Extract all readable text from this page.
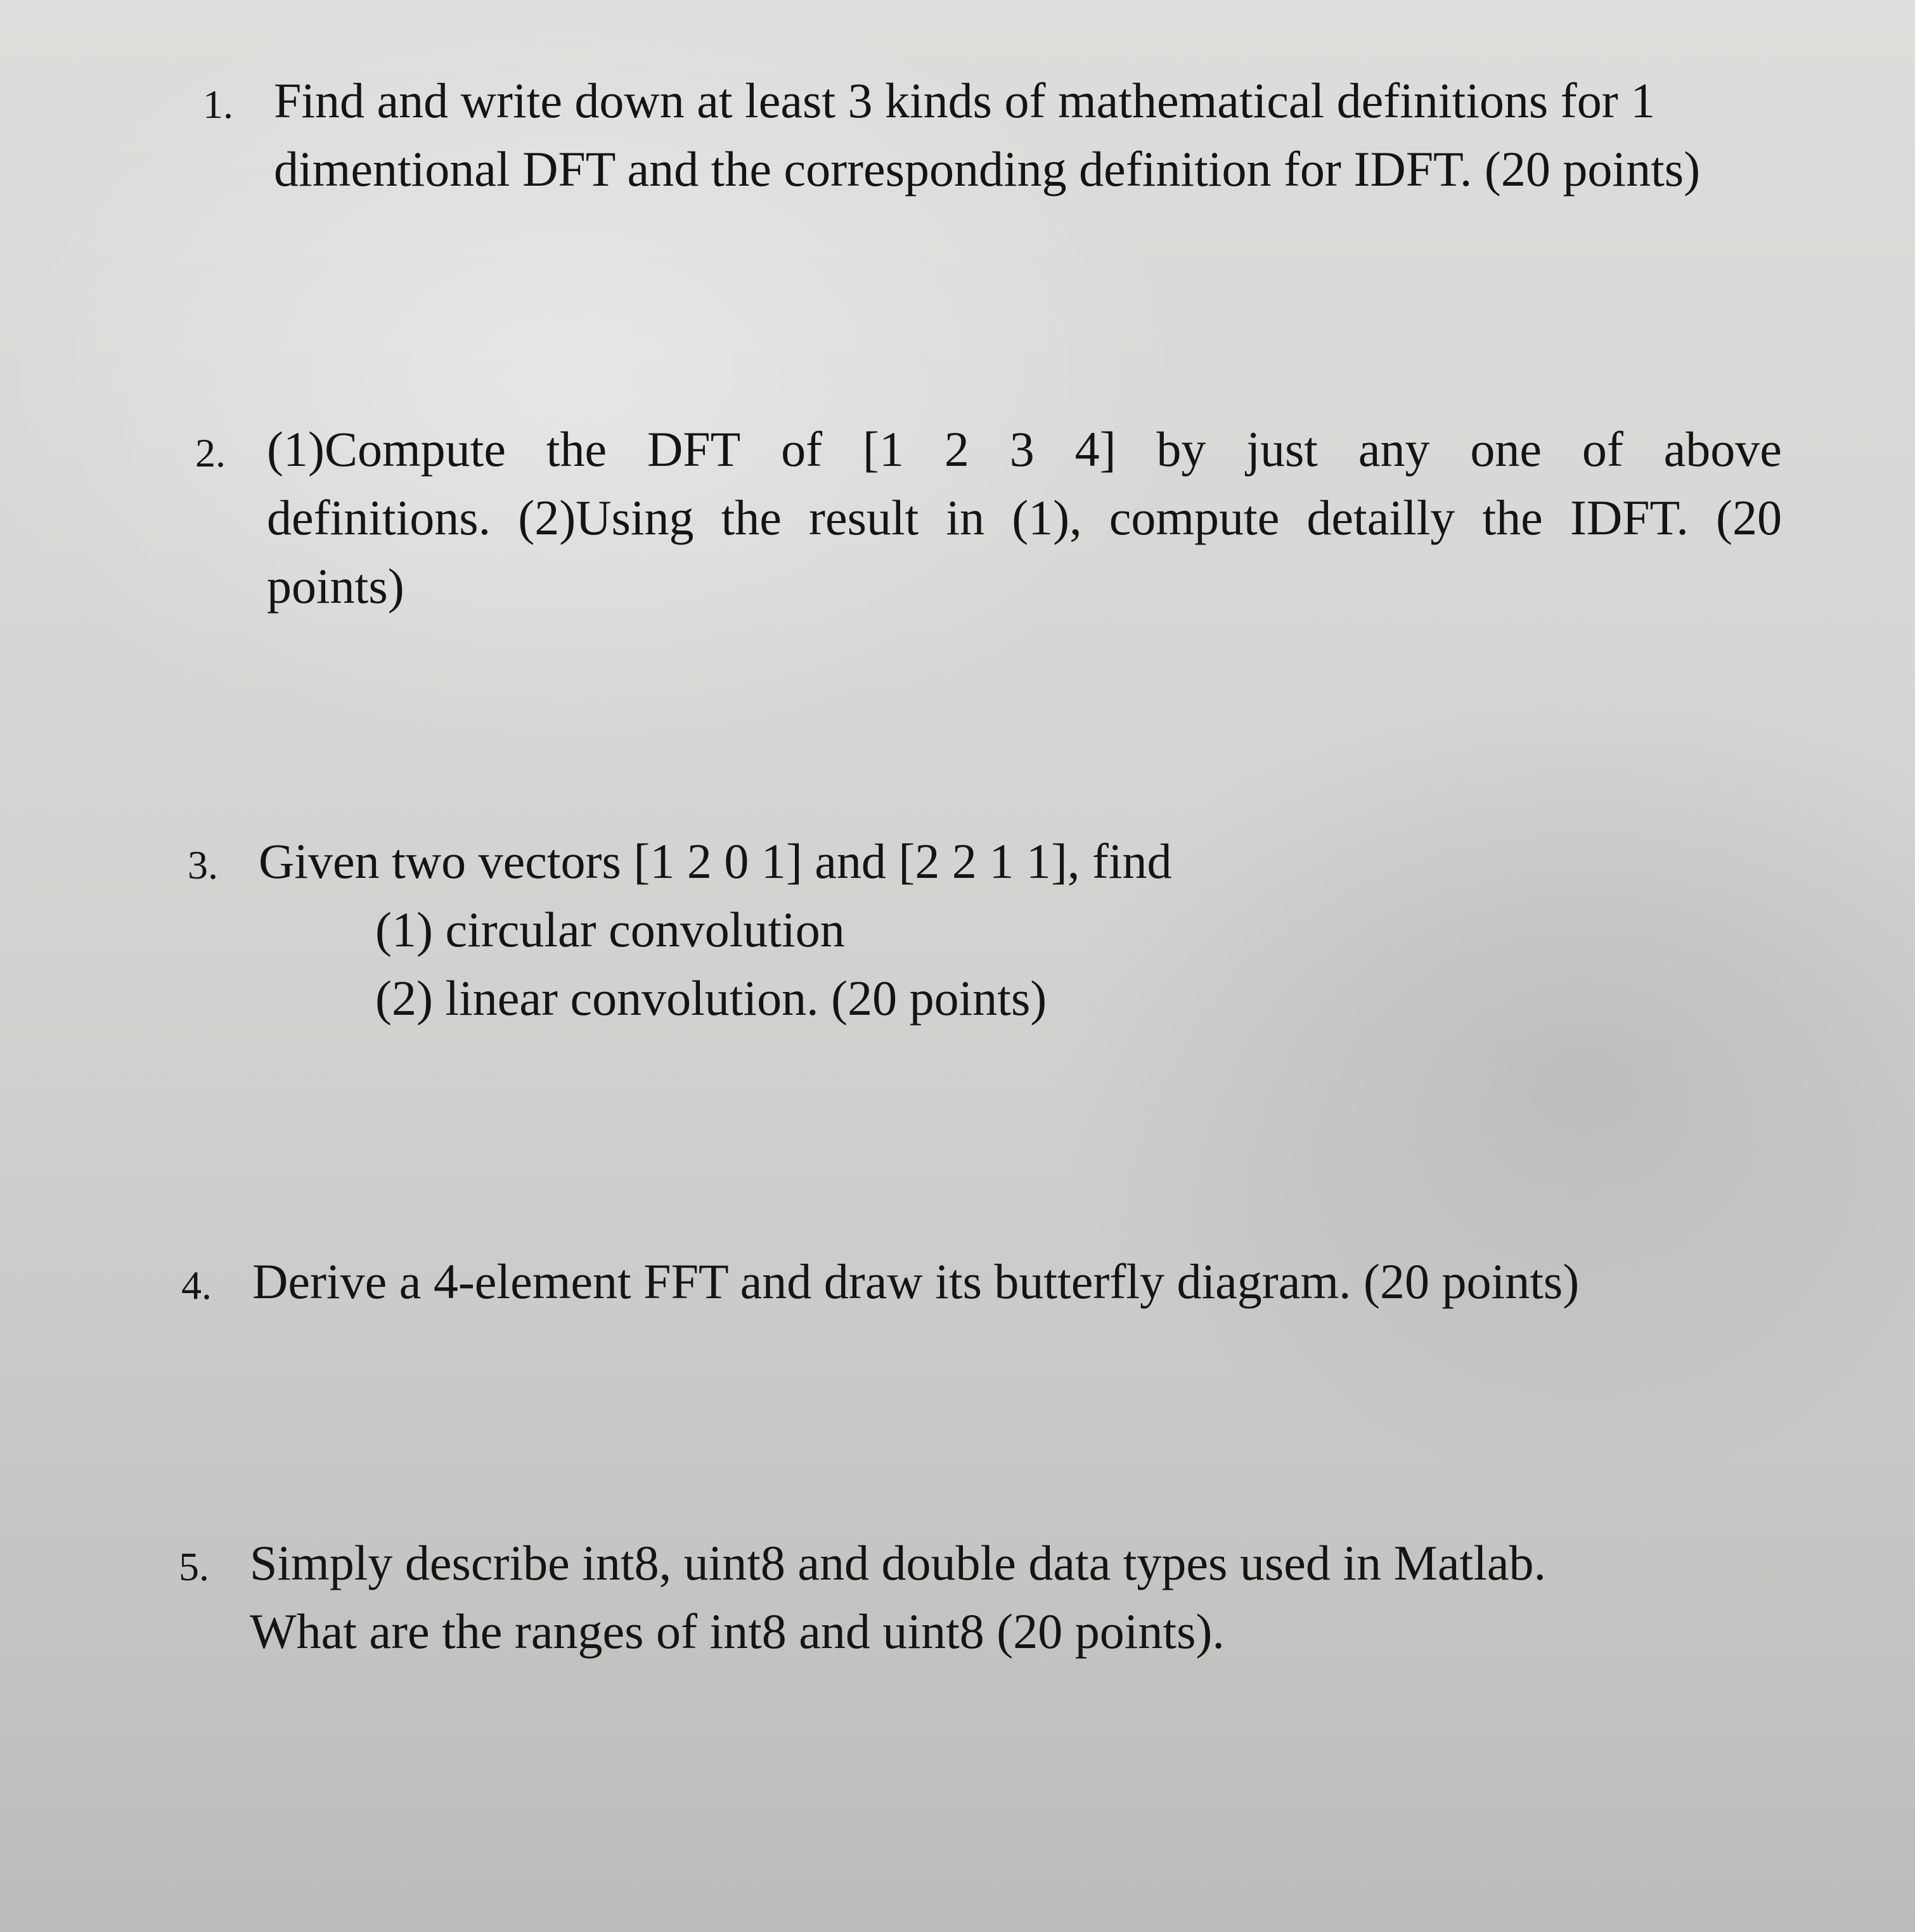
1. Find and write down at least 3 kinds of mathematical definitions for 1
dimentional DFT and the corresponding definition for IDFT. (20 points)
2. (1)Compute the DFT of [1 2 3 4] by just any one of above
definitions. (2)Using the result in (1), compute detailly the IDFT. (20
points)
3. Given two vectors [1 2 0 1] and [2 2 1 1], find
(1) circular convolution
(2) linear convolution. (20 points)
4. Derive a 4-element FFT and draw its butterfly diagram. (20 points)
5. Simply describe int8, uint8 and double data types used in Matlab.
What are the ranges of int8 and uint8 (20 points).
